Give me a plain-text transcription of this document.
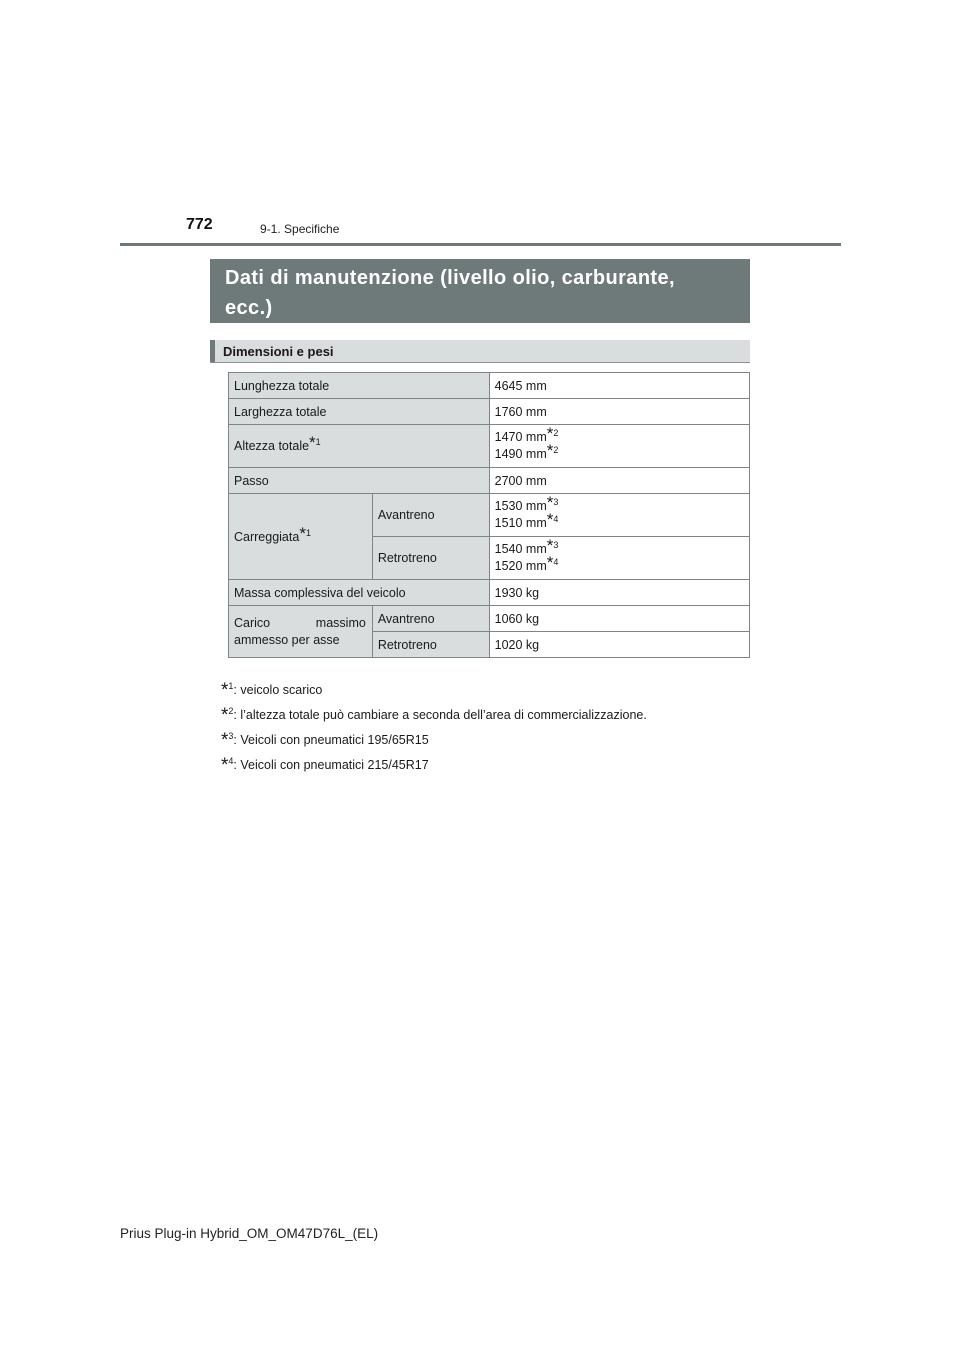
772	9-1. Specifiche
Dati di manutenzione (livello olio, carburante,
ecc.)
Dimensioni e pesi
Lunghezza totale		4645 mm
Larghezza totale		1760 mm
Altezza totale*$^1$		1470 mm*$^2$
1490 mm*$^2$

Passo		2700 mm
Carreggiata*$^1$	Avantreno	1530 mm*$^3$
1510 mm*$^4$

	Retrotreno	1540 mm*$^3$
1520 mm*$^4$

Massa complessiva del veicolo		1930 kg

Carico massimo
ammesso per asse	Avantreno	1060 kg
	Retrotreno	1020 kg
*$^1$: veicolo scarico
*$^2$: l’altezza totale può cambiare a seconda dell’area di commercializzazione.
*$^3$: Veicoli con pneumatici 195/65R15
*$^4$: Veicoli con pneumatici 215/45R17
Prius Plug-in Hybrid_OM_OM47D76L_(EL)
